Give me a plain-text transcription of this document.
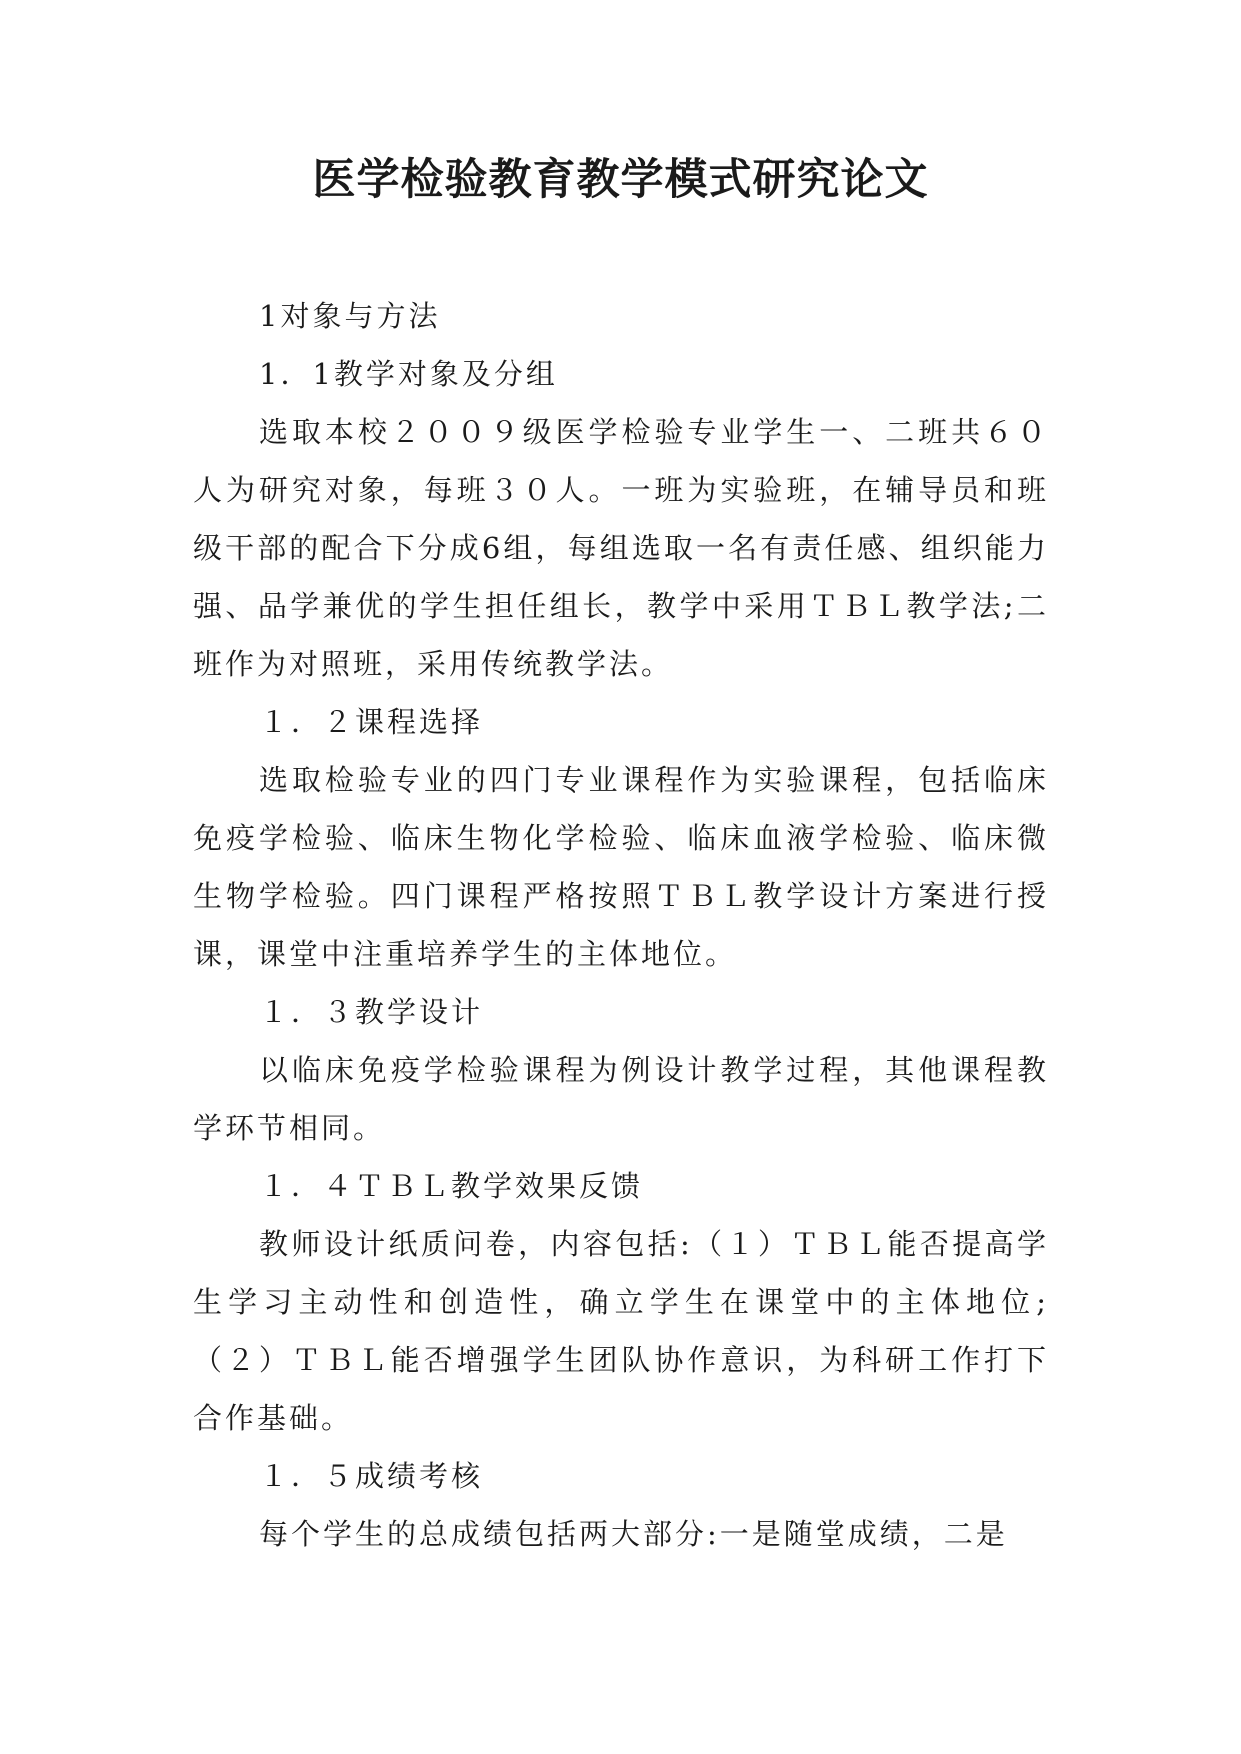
医学检验教育教学模式研究论文

1对象与方法

1．1教学对象及分组

选取本校２００９级医学检验专业学生一、二班共６０人为研究对象，每班３０人。一班为实验班，在辅导员和班级干部的配合下分成6组，每组选取一名有责任感、组织能力强、品学兼优的学生担任组长，教学中采用ＴＢＬ教学法;二班作为对照班，采用传统教学法。

１．２课程选择

选取检验专业的四门专业课程作为实验课程，包括临床免疫学检验、临床生物化学检验、临床血液学检验、临床微生物学检验。四门课程严格按照ＴＢＬ教学设计方案进行授课，课堂中注重培养学生的主体地位。

１．３教学设计

以临床免疫学检验课程为例设计教学过程，其他课程教学环节相同。

１．４ＴＢＬ教学效果反馈

教师设计纸质问卷，内容包括:（１）ＴＢＬ能否提高学生学习主动性和创造性，确立学生在课堂中的主体地位;（２）ＴＢＬ能否增强学生团队协作意识，为科研工作打下合作基础。

１．５成绩考核

每个学生的总成绩包括两大部分:一是随堂成绩，二是
